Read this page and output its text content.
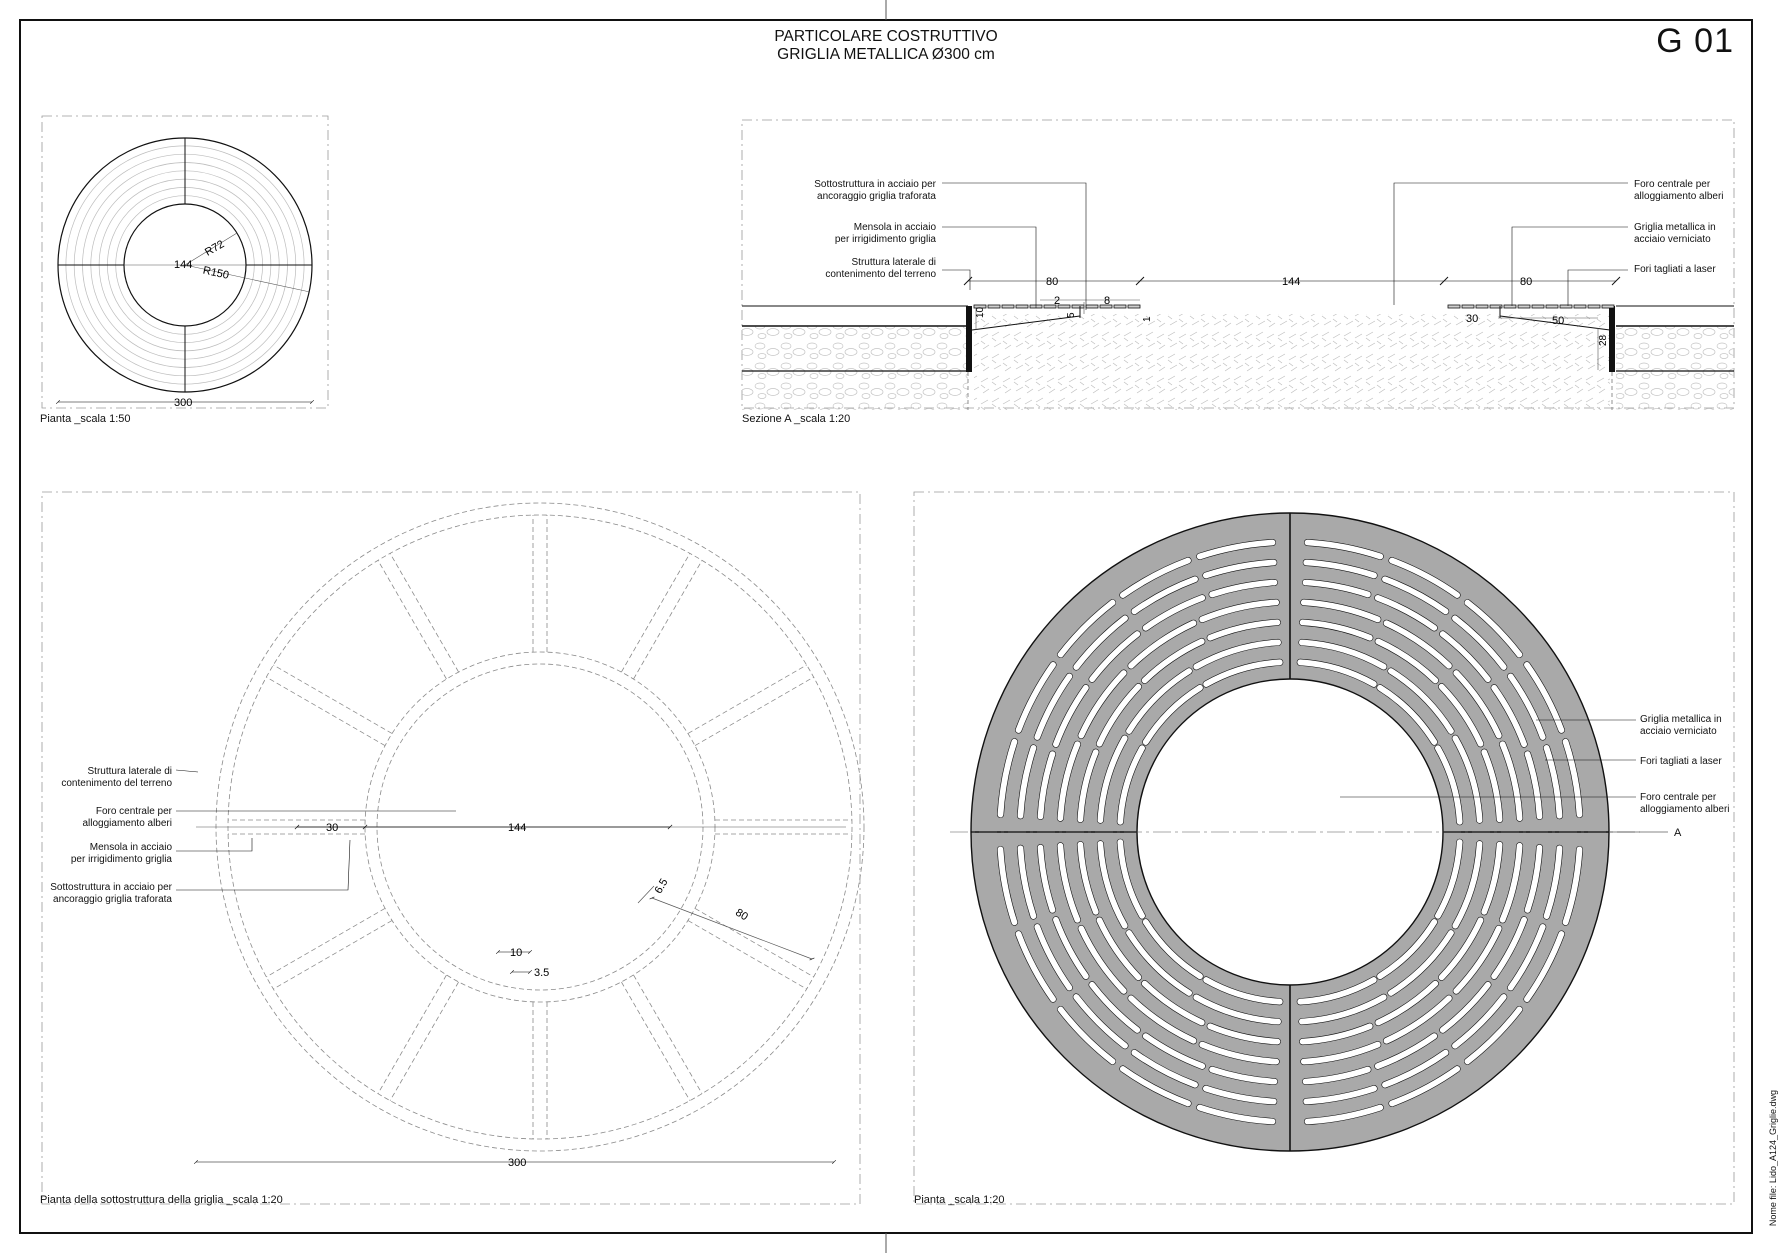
PARTICOLARE COSTRUTTIVO
GRIGLIA METALLICA Ø300 cm	G 01
Nome file: Lido_A124_Griglie.dwg
144
R72
R150
300
80	144	80
2	8
10	5
1	30	50
28
Sottostruttura in acciaio per
ancoraggio griglia traforata
Mensola in acciaio
per irrigidimento griglia
Struttura laterale di
contenimento del terreno
Foro centrale per
alloggiamento alberi
Griglia metallica in
acciaio verniciato
Fori tagliati a laser
30	144
6.5
80
10
3.5
300
Struttura laterale di
contenimento del terreno
Foro centrale per
alloggiamento alberi
Mensola in acciaio
per irrigidimento griglia
Sottostruttura in acciaio per
ancoraggio griglia traforata
Griglia metallica in
acciaio verniciato
Fori tagliati a laser
Foro centrale per
alloggiamento alberi
A
Pianta _scala 1:50	Sezione A _scala 1:20
Pianta della sottostruttura della griglia _scala 1:20	Pianta _scala 1:20
